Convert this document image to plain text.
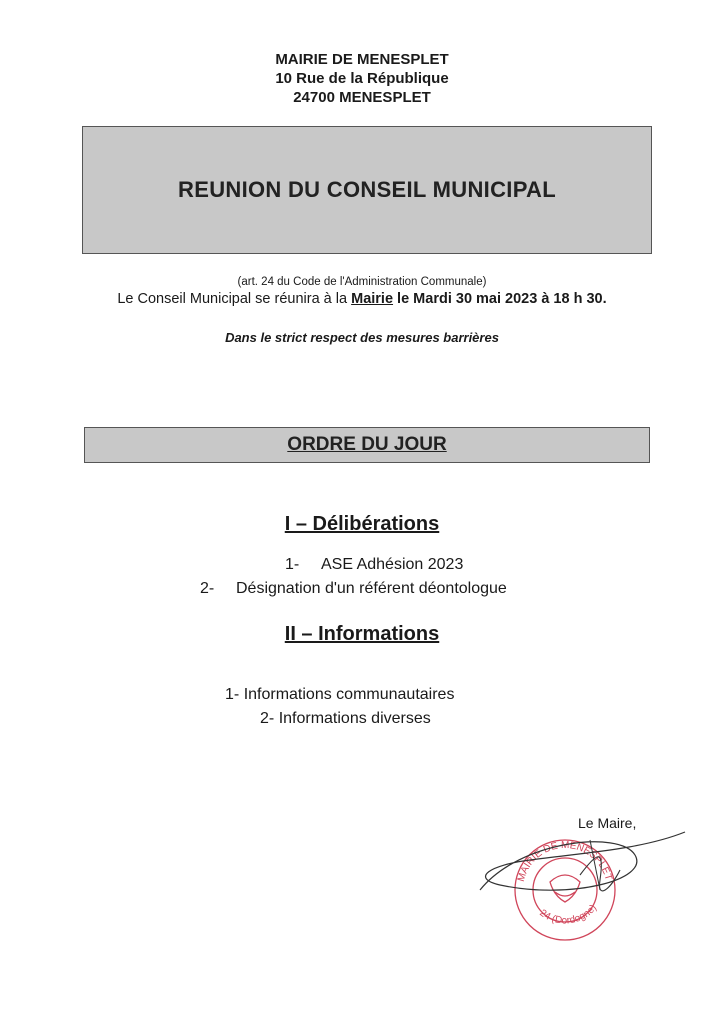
MAIRIE DE MENESPLET
10 Rue de la République
24700 MENESPLET
REUNION DU CONSEIL MUNICIPAL
(art. 24 du Code de l'Administration Communale)
Le Conseil Municipal se réunira à la Mairie le Mardi 30 mai 2023 à 18 h 30.
Dans le strict respect des mesures barrières
ORDRE DU JOUR
I – Délibérations
1- ASE Adhésion 2023
2- Désignation d'un référent déontologue
II – Informations
1- Informations communautaires
2- Informations diverses
Le Maire,
MAIRIE DE MENESPLET
24 (Dordogne)
